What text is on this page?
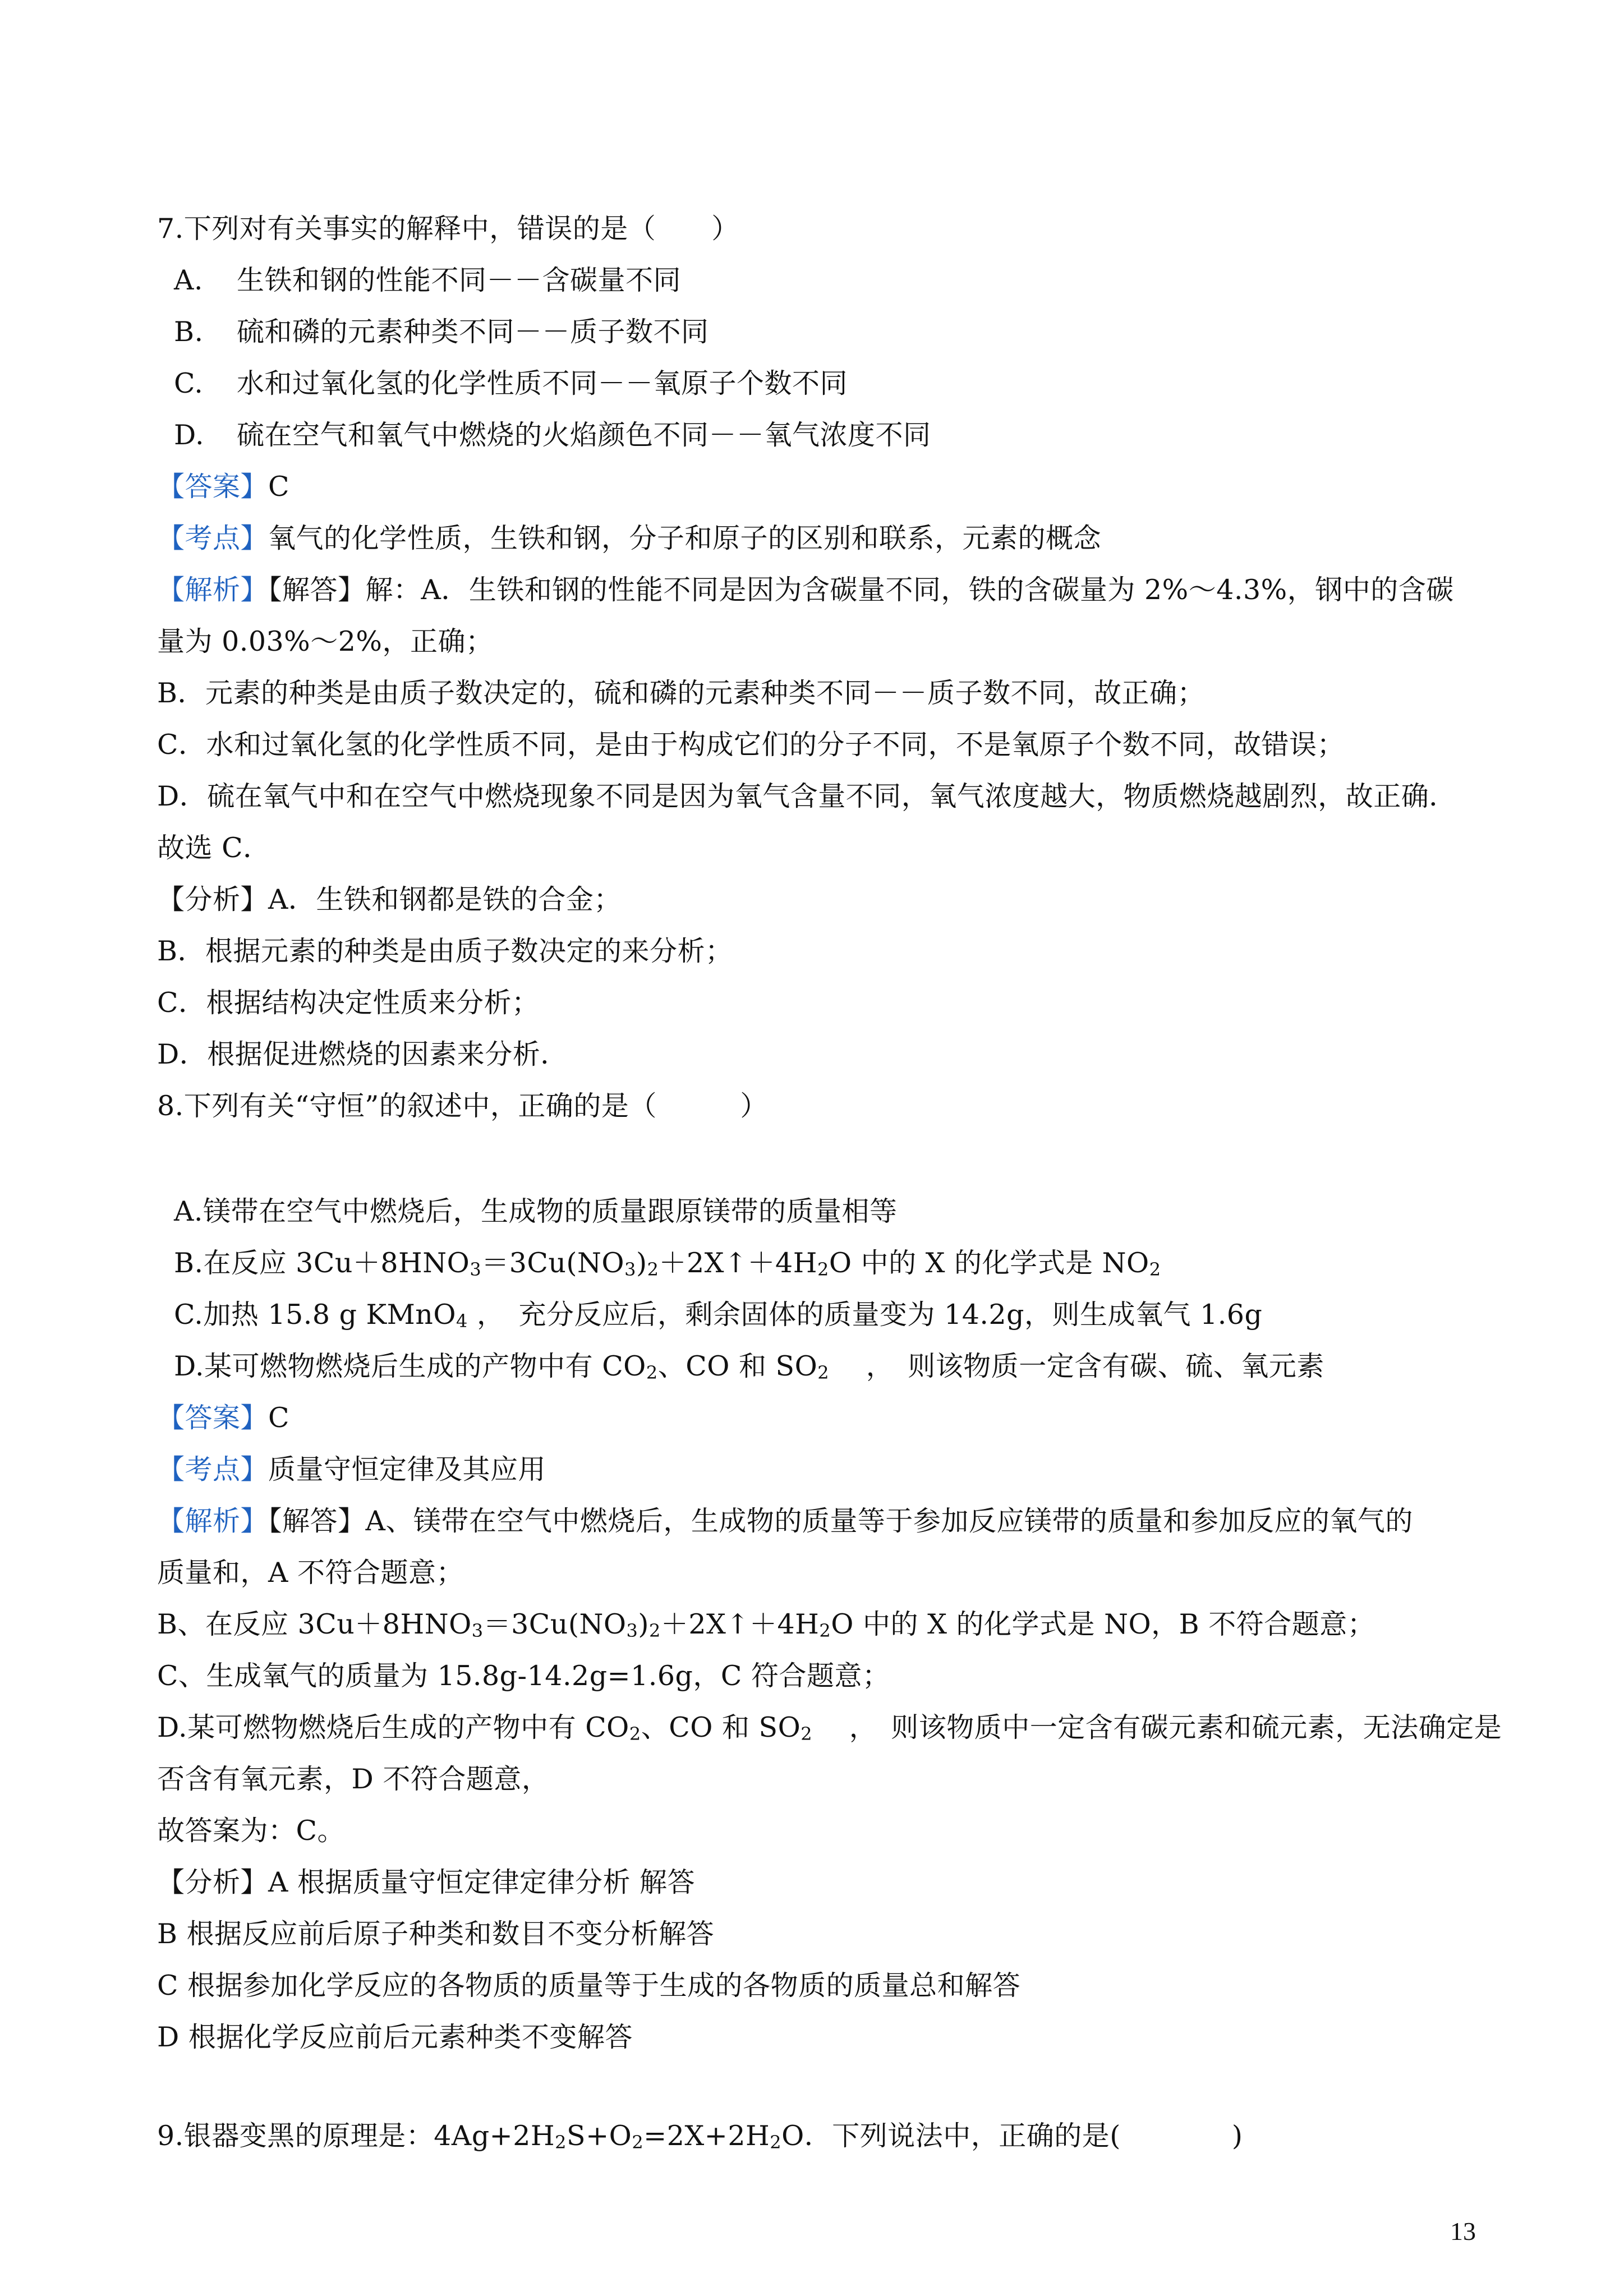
7.下列对有关事实的解释中，错误的是（　　）
A. 生铁和钢的性能不同－－含碳量不同
B. 硫和磷的元素种类不同－－质子数不同
C. 水和过氧化氢的化学性质不同－－氧原子个数不同
D. 硫在空气和氧气中燃烧的火焰颜色不同－－氧气浓度不同
【答案】C
【考点】氧气的化学性质，生铁和钢，分子和原子的区别和联系，元素的概念
【解析】【解答】解：A．生铁和钢的性能不同是因为含碳量不同，铁的含碳量为 2%～4.3%，钢中的含碳
量为 0.03%～2%，正确；
B．元素的种类是由质子数决定的，硫和磷的元素种类不同－－质子数不同，故正确；
C．水和过氧化氢的化学性质不同，是由于构成它们的分子不同，不是氧原子个数不同，故错误；
D．硫在氧气中和在空气中燃烧现象不同是因为氧气含量不同，氧气浓度越大，物质燃烧越剧烈，故正确．
故选 C．
【分析】A．生铁和钢都是铁的合金；
B．根据元素的种类是由质子数决定的来分析；
C．根据结构决定性质来分析；
D．根据促进燃烧的因素来分析．
8.下列有关“守恒”的叙述中，正确的是（　　　）
A.镁带在空气中燃烧后，生成物的质量跟原镁带的质量相等
B.在反应 $3Cu+8HNO_3=3Cu(NO_3)_2+2X↑+4H_2O$ 中的 X 的化学式是 $NO_2$
C.加热 15.8 g KMnO$_4$ ，　充分反应后，剩余固体的质量变为 14.2g，则生成氧气 1.6g
D.某可燃物燃烧后生成的产物中有 $CO_2$、CO 和 $SO_2$ 　，　则该物质一定含有碳、硫、氧元素
【答案】C
【考点】质量守恒定律及其应用
【解析】【解答】A、镁带在空气中燃烧后，生成物的质量等于参加反应镁带的质量和参加反应的氧气的
质量和，A 不符合题意；
B、在反应 $3Cu+8HNO_3=3Cu(NO_3)_2+2X↑+4H_2O$ 中的 X 的化学式是 NO，B 不符合题意；
C、生成氧气的质量为 15.8g-14.2g=1.6g，C 符合题意；
D.某可燃物燃烧后生成的产物中有 $CO_2$、CO 和 $SO_2$ 　，　则该物质中一定含有碳元素和硫元素，无法确定是
否含有氧元素，D 不符合题意，
故答案为：C。
【分析】A 根据质量守恒定律定律分析 解答
B 根据反应前后原子种类和数目不变分析解答
C 根据参加化学反应的各物质的质量等于生成的各物质的质量总和解答
D 根据化学反应前后元素种类不变解答
9.银器变黑的原理是：$4Ag+2H_2S+O_2=2X+2H_2O$．下列说法中，正确的是(　　　　)
13
